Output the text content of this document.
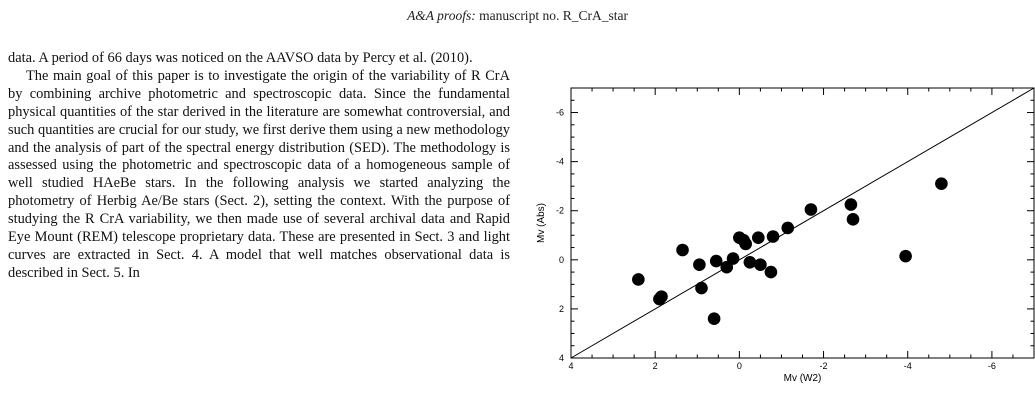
A&A proofs: manuscript no. R_CrA_star

data. A period of 66 days was noticed on the AAVSO data by Percy et al. (2010).

The main goal of this paper is to investigate the origin of the variability of R CrA by combining archive photometric and spectroscopic data. Since the fundamental physical quantities of the star derived in the literature are somewhat controversial, and such quantities are crucial for our study, we first derive them using a new methodology and the analysis of part of the spectral energy distribution (SED). The methodology is assessed using the photometric and spectroscopic data of a homogeneous sample of well studied HAeBe stars. In the following analysis we started analyzing the photometry of Herbig Ae/Be stars (Sect. 2), setting the context. With the purpose of studying the R CrA variability, we then made use of several archival data and Rapid Eye Mount (REM) telescope proprietary data. These are presented in Sect. 3 and light curves are extracted in Sect. 4. A model that well matches observational data is described in Sect. 5. In

4
2
0
-2
-4
-6
4	2	0	-2	-4	-6
Mv (W2)
Mv (Abs)
